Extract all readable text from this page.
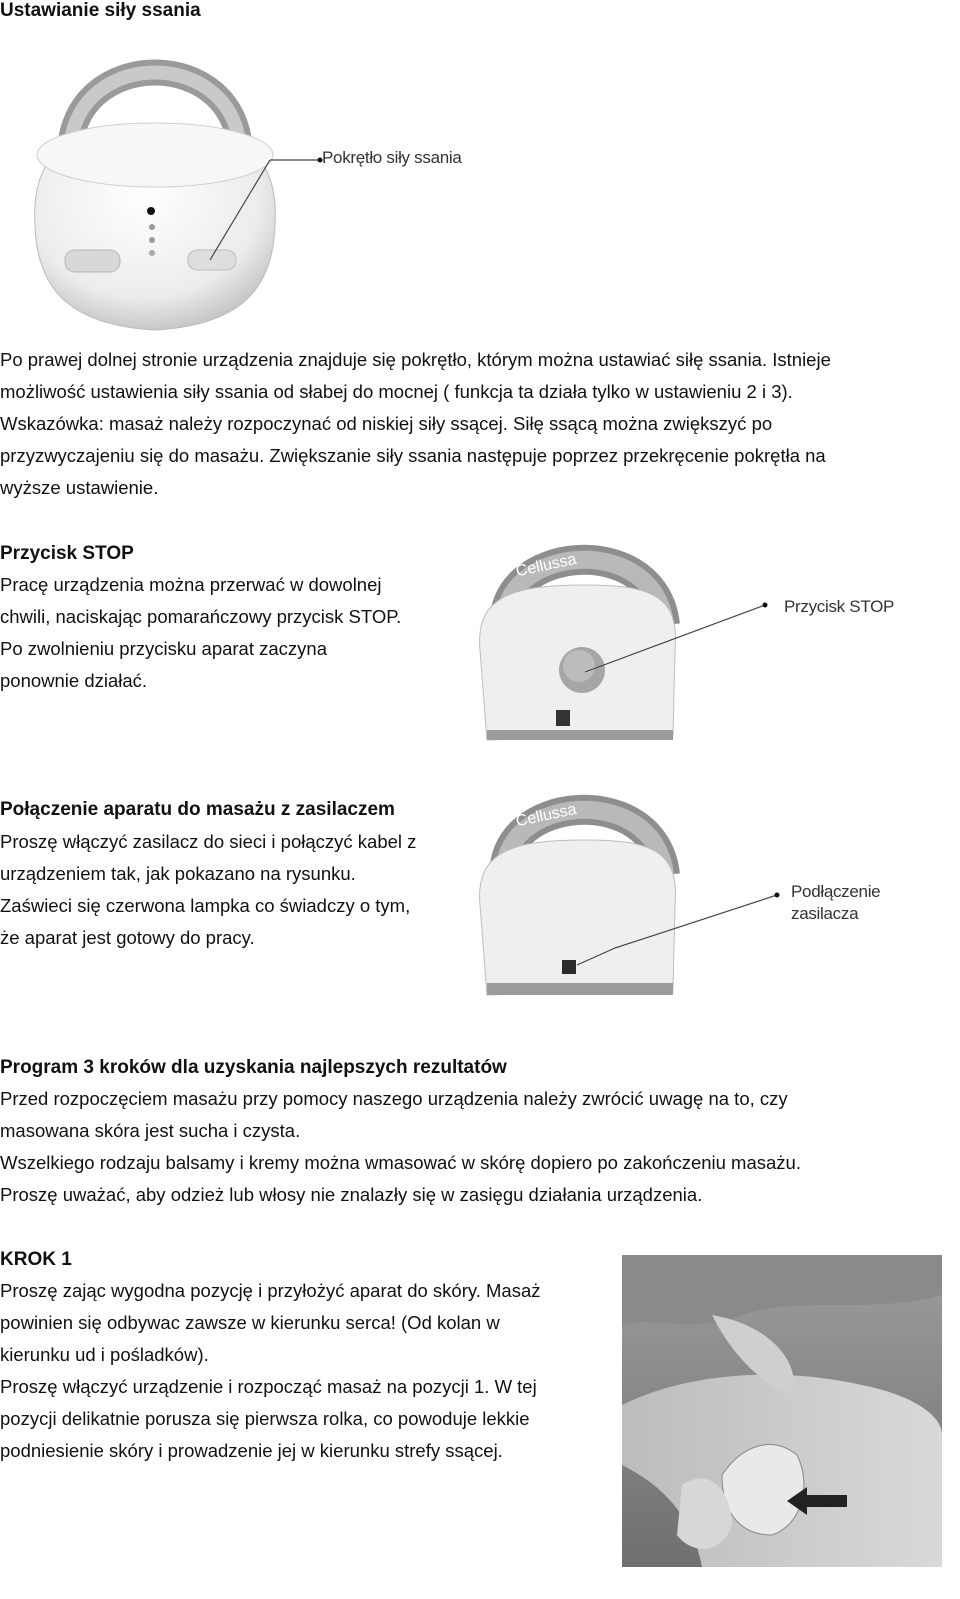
Ustawianie siły ssania
Pokrętło siły ssania
Po prawej dolnej stronie urządzenia znajduje się pokrętło, którym można ustawiać siłę ssania. Istnieje
możliwość ustawienia siły ssania od słabej do mocnej ( funkcja ta działa tylko w ustawieniu 2 i 3).
Wskazówka: masaż należy rozpoczynać od niskiej siły ssącej. Siłę ssącą można zwiększyć po
przyzwyczajeniu się do masażu. Zwiększanie siły ssania następuje poprzez przekręcenie pokrętła na
wyższe ustawienie.
Przycisk STOP
Pracę urządzenia można przerwać w dowolnej
chwili, naciskając pomarańczowy przycisk STOP.
Po zwolnieniu przycisku aparat zaczyna
ponownie działać.
Cellussa
Przycisk STOP
Połączenie aparatu do masażu z zasilaczem
Proszę włączyć zasilacz do sieci i połączyć kabel z
urządzeniem tak, jak pokazano na rysunku.
Zaświeci się czerwona lampka co świadczy o tym,
że aparat jest gotowy do pracy.
Cellussa
Podłączenie
zasilacza
Program 3 kroków dla uzyskania najlepszych rezultatów
Przed rozpoczęciem masażu przy pomocy naszego urządzenia należy zwrócić uwagę na to, czy
masowana skóra jest sucha i czysta.
Wszelkiego rodzaju balsamy i kremy można wmasować w skórę dopiero po zakończeniu masażu.
Proszę uważać, aby odzież lub włosy nie znalazły się w zasięgu działania urządzenia.
KROK 1
Proszę zając wygodna pozycję i przyłożyć aparat do skóry. Masaż
powinien się odbywac zawsze w kierunku serca! (Od kolan w
kierunku ud i pośladków).
Proszę włączyć urządzenie i rozpocząć masaż na pozycji 1. W tej
pozycji delikatnie porusza się pierwsza rolka, co powoduje lekkie
podniesienie skóry i prowadzenie jej w kierunku strefy ssącej.
